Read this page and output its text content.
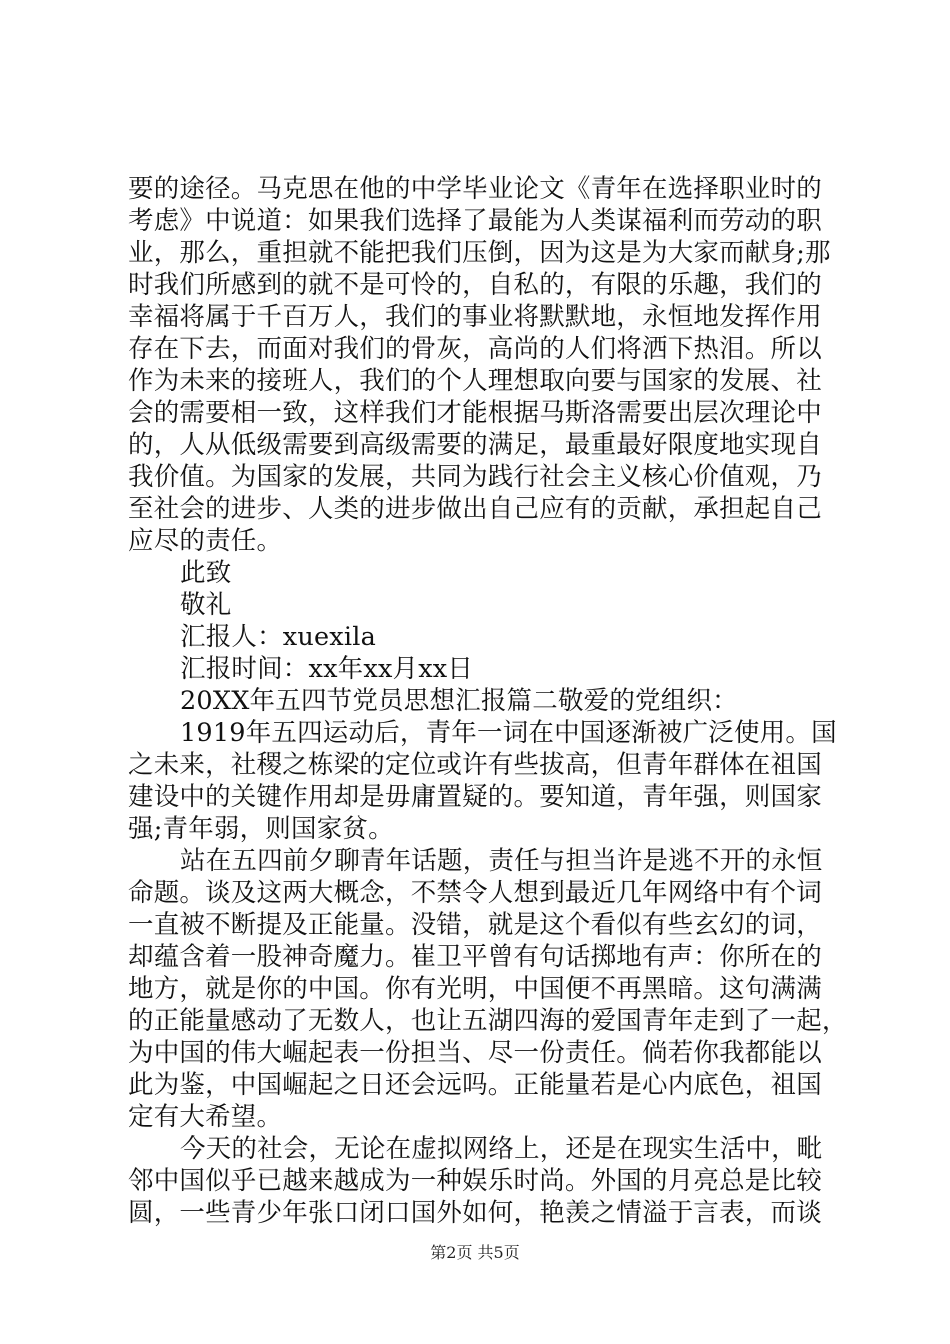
要的途径。马克思在他的中学毕业论文《青年在选择职业时的
考虑》中说道：如果我们选择了最能为人类谋福利而劳动的职
业，那么，重担就不能把我们压倒，因为这是为大家而献身;那
时我们所感到的就不是可怜的，自私的，有限的乐趣，我们的
幸福将属于千百万人，我们的事业将默默地，永恒地发挥作用
存在下去，而面对我们的骨灰，高尚的人们将洒下热泪。所以
作为未来的接班人，我们的个人理想取向要与国家的发展、社
会的需要相一致，这样我们才能根据马斯洛需要出层次理论中
的，人从低级需要到高级需要的满足，最重最好限度地实现自
我价值。为国家的发展，共同为践行社会主义核心价值观，乃
至社会的进步、人类的进步做出自己应有的贡献，承担起自己
应尽的责任。
此致
敬礼
汇报人：xuexila
汇报时间：xx年xx月xx日
20XX年五四节党员思想汇报篇二敬爱的党组织：
1919年五四运动后，青年一词在中国逐渐被广泛使用。国
之未来，社稷之栋梁的定位或许有些拔高，但青年群体在祖国
建设中的关键作用却是毋庸置疑的。要知道，青年强，则国家
强;青年弱，则国家贫。
站在五四前夕聊青年话题，责任与担当许是逃不开的永恒
命题。谈及这两大概念，不禁令人想到最近几年网络中有个词
一直被不断提及正能量。没错，就是这个看似有些玄幻的词，
却蕴含着一股神奇魔力。崔卫平曾有句话掷地有声：你所在的
地方，就是你的中国。你有光明，中国便不再黑暗。这句满满
的正能量感动了无数人，也让五湖四海的爱国青年走到了一起，
为中国的伟大崛起表一份担当、尽一份责任。倘若你我都能以
此为鉴，中国崛起之日还会远吗。正能量若是心内底色，祖国
定有大希望。
今天的社会，无论在虚拟网络上，还是在现实生活中，毗
邻中国似乎已越来越成为一种娱乐时尚。外国的月亮总是比较
圆，一些青少年张口闭口国外如何，艳羡之情溢于言表，而谈
第2页 共5页
